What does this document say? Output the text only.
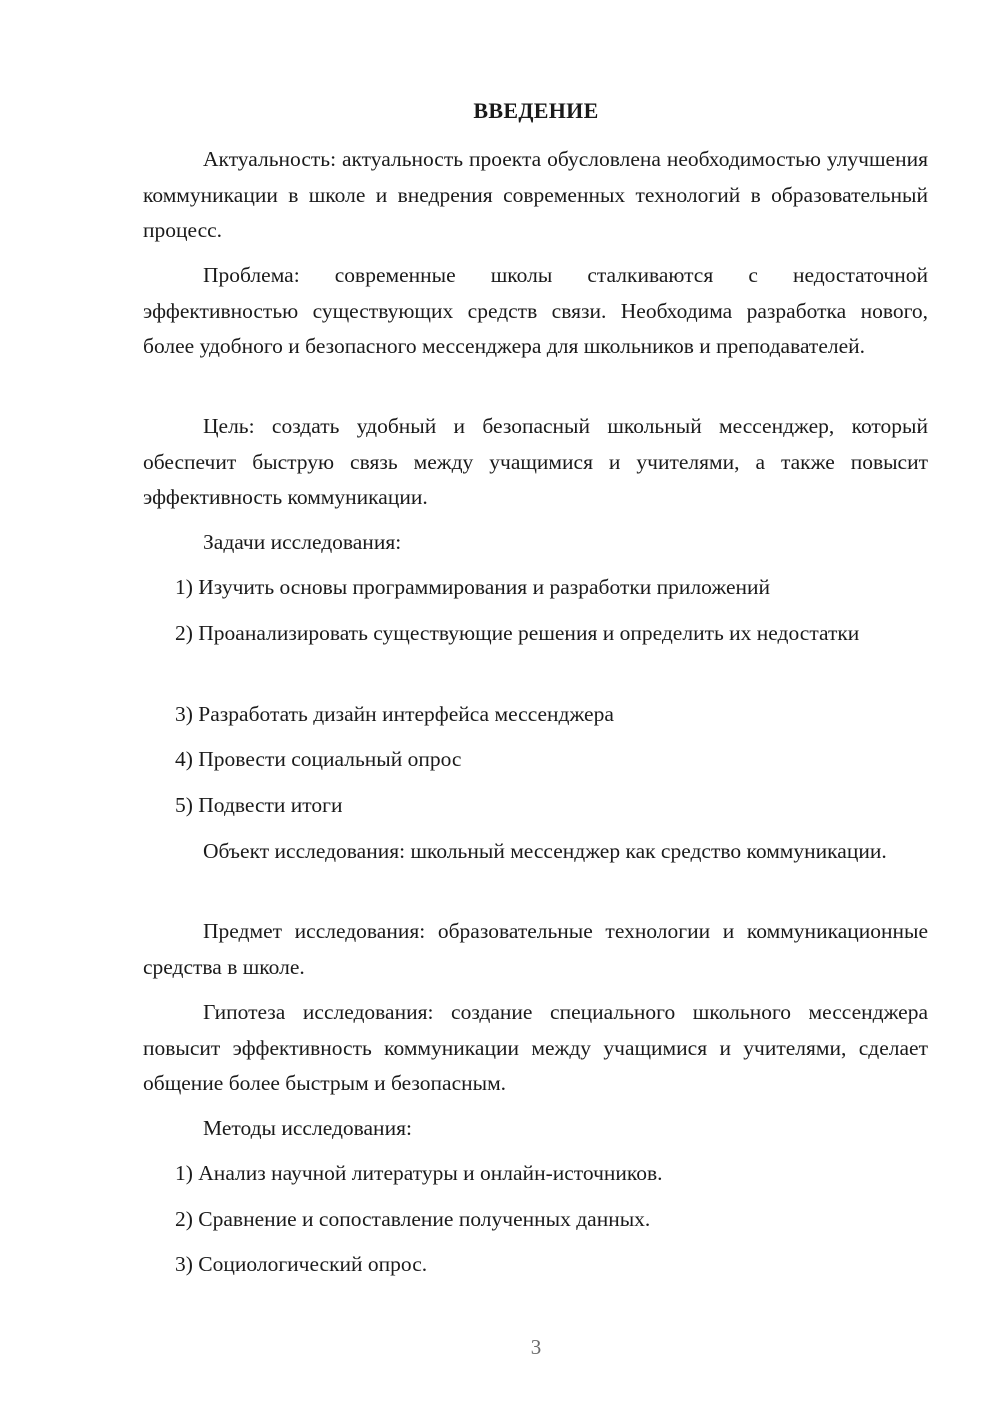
ВВЕДЕНИЕ

Актуальность: актуальность проекта обусловлена необходимостью улучшения коммуникации в школе и внедрения современных технологий в образовательный процесс.

Проблема: современные школы сталкиваются с недостаточной эффективностью существующих средств связи. Необходима разработка нового, более удобного и безопасного мессенджера для школьников и преподавателей.

Цель: создать удобный и безопасный школьный мессенджер, который обеспечит быструю связь между учащимися и учителями, а также повысит эффективность коммуникации.

Задачи исследования:

1) Изучить основы программирования и разработки приложений

2) Проанализировать существующие решения и определить их недостатки

3) Разработать дизайн интерфейса мессенджера

4) Провести социальный опрос

5) Подвести итоги

Объект исследования: школьный мессенджер как средство коммуникации.

Предмет исследования: образовательные технологии и коммуникационные средства в школе.

Гипотеза исследования: создание специального школьного мессенджера повысит эффективность коммуникации между учащимися и учителями, сделает общение более быстрым и безопасным.

Методы исследования:

1) Анализ научной литературы и онлайн-источников.

2) Сравнение и сопоставление полученных данных.

3) Социологический опрос.

3
